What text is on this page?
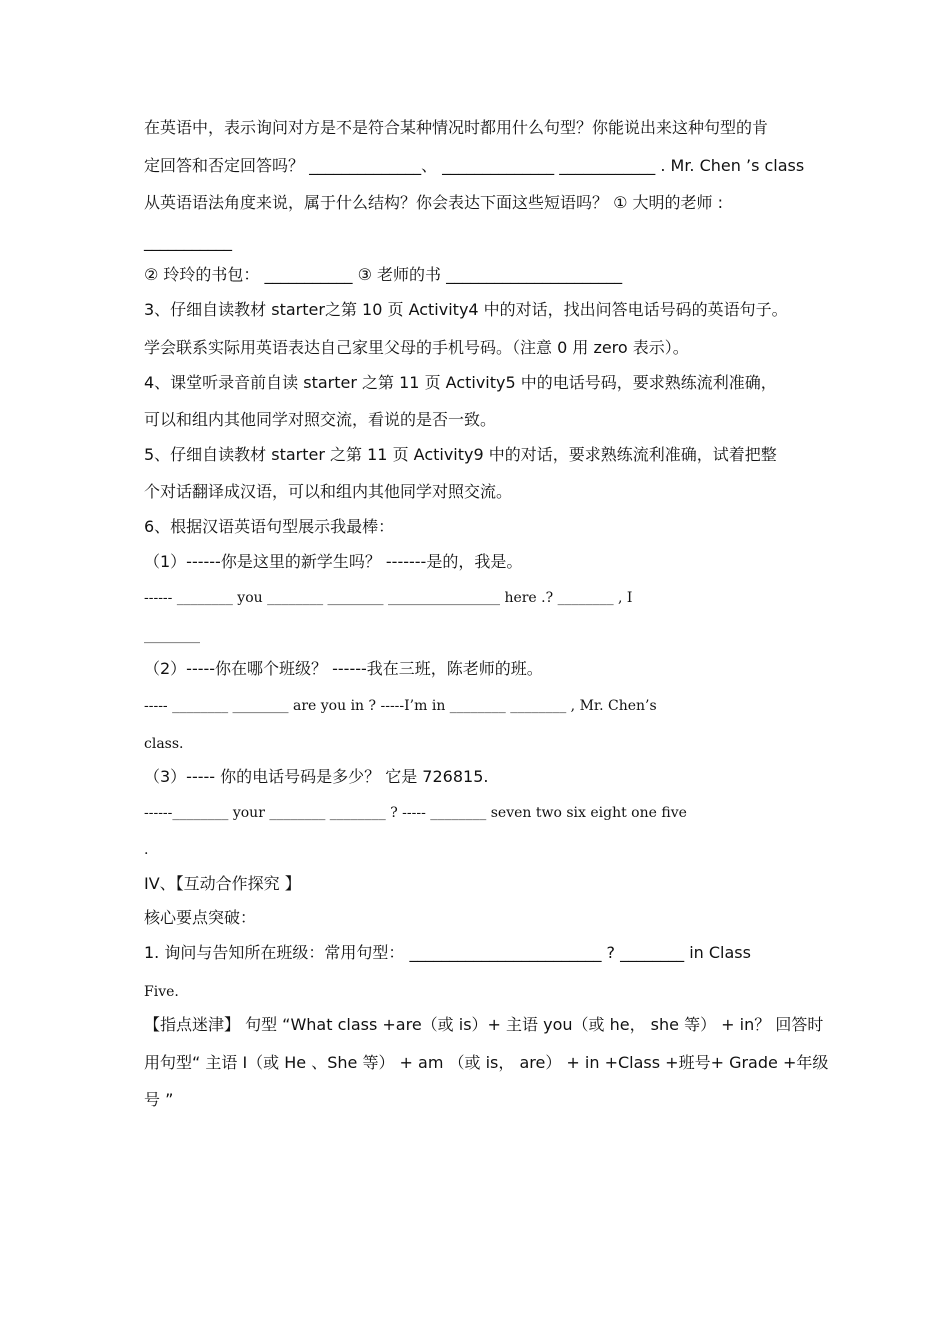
在英语中，表示询问对方是不是符合某种情况时都用什么句型？你能说出来这种句型的肯
定回答和否定回答吗？ ______________、 ______________ ____________ . Mr. Chen ’s class
从英语语法角度来说，属于什么结构？你会表达下面这些短语吗？ ① 大明的老师 :
___________
② 玲玲的书包： ___________ ③ 老师的书 ______________________
3、仔细自读教材 starter之第 10 页 Activity4 中的对话，找出问答电话号码的英语句子。
学会联系实际用英语表达自己家里父母的手机号码。（注意 0 用 zero 表示）。
4、课堂听录音前自读 starter 之第 11 页 Activity5 中的电话号码，要求熟练流利准确，
可以和组内其他同学对照交流，看说的是否一致。
5、仔细自读教材 starter 之第 11 页 Activity9 中的对话，要求熟练流利准确，试着把整
个对话翻译成汉语，可以和组内其他同学对照交流。
6、根据汉语英语句型展示我最棒：
（1）------你是这里的新学生吗？ -------是的，我是。
------ ________ you ________ ________ ________________ here .? ________ , I
________
（2）-----你在哪个班级？ ------我在三班，陈老师的班。
----- ________ ________ are you in ? -----I’m in ________ ________ , Mr. Chen’s
class.
（3）----- 你的电话号码是多少？ 它是 726815.
------________ your ________ ________ ? ----- ________ seven two six eight one five
.
IV、【互动合作探究 】
核心要点突破：
1. 询问与告知所在班级：常用句型： ________________________ ? ________ in Class
Five.
【指点迷津】 句型 “What class +are（或 is）+ 主语 you（或 he， she 等） + in？ 回答时
用句型“ 主语 I（或 He 、She 等） + am （或 is， are） + in +Class +班号+ Grade +年级
号 ”
